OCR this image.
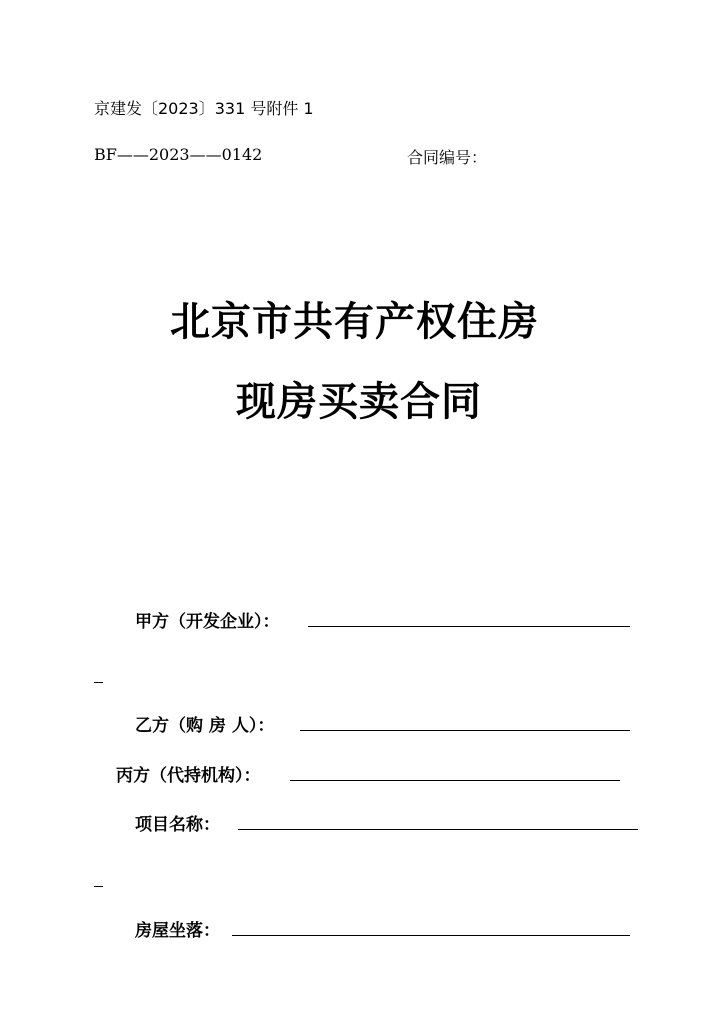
京建发〔2023〕331 号附件 1
BF——2023——0142	合同编号：
北京市共有产权住房
现房买卖合同
甲方（开发企业）：
乙方（购 房 人）：
丙方（代持机构）：
项目名称：
房屋坐落：
